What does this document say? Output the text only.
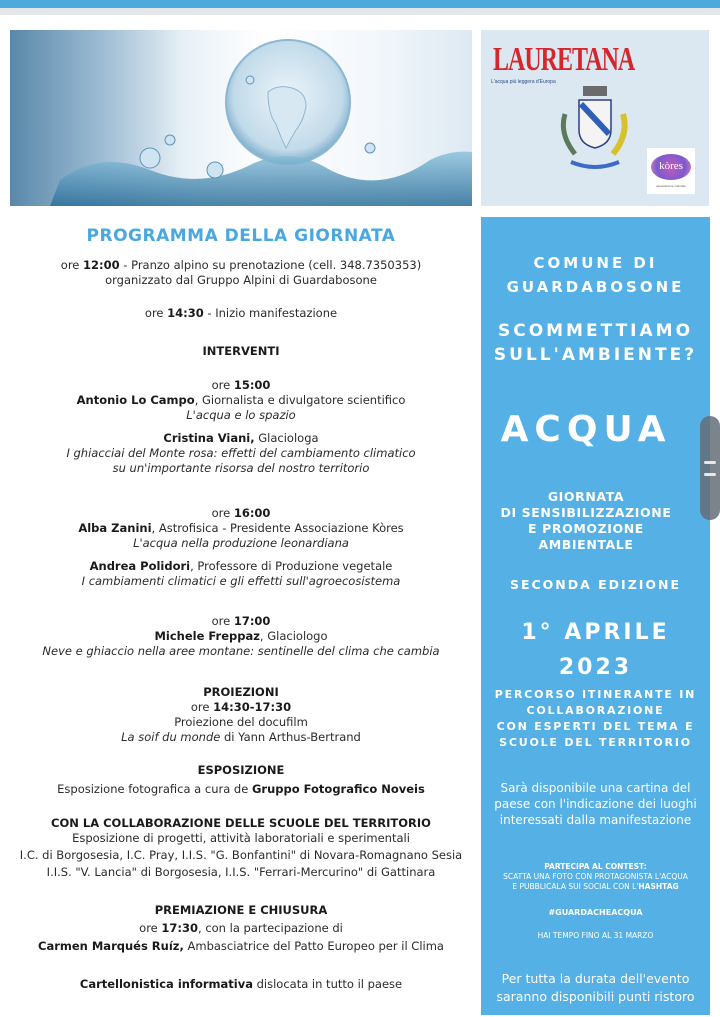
LAURETANA
L'acqua più leggera d'Europa
kòres
associazione culturale
PROGRAMMA DELLA GIORNATA
ore 12:00 - Pranzo alpino su prenotazione (cell. 348.7350353)
organizzato dal Gruppo Alpini di Guardabosone
ore 14:30 - Inizio manifestazione
INTERVENTI
ore 15:00
Antonio Lo Campo, Giornalista e divulgatore scientifico
L'acqua e lo spazio
Cristina Viani, Glaciologa
I ghiacciai del Monte rosa: effetti del cambiamento climatico
su un'importante risorsa del nostro territorio
ore 16:00
Alba Zanini, Astrofisica - Presidente Associazione Kòres
L'acqua nella produzione leonardiana
Andrea Polidori, Professore di Produzione vegetale
I cambiamenti climatici e gli effetti sull'agroecosistema
ore 17:00
Michele Freppaz, Glaciologo
Neve e ghiaccio nella aree montane: sentinelle del clima che cambia
PROIEZIONI
ore 14:30-17:30
Proiezione del docufilm
La soif du monde di Yann Arthus-Bertrand
ESPOSIZIONE
Esposizione fotografica a cura de Gruppo Fotografico Noveis
CON LA COLLABORAZIONE DELLE SCUOLE DEL TERRITORIO
Esposizione di progetti, attività laboratoriali e sperimentali
I.C. di Borgosesia, I.C. Pray, I.I.S. "G. Bonfantini" di Novara-Romagnano Sesia
I.I.S. "V. Lancia" di Borgosesia, I.I.S. "Ferrari-Mercurino" di Gattinara
PREMIAZIONE E CHIUSURA
ore 17:30, con la partecipazione di
Carmen Marqués Ruíz, Ambasciatrice del Patto Europeo per il Clima
Cartellonistica informativa dislocata in tutto il paese
COMUNE DI
GUARDABOSONE
SCOMMETTIAMO
SULL'AMBIENTE?
ACQUA
GIORNATA
DI SENSIBILIZZAZIONE
E PROMOZIONE
AMBIENTALE
SECONDA EDIZIONE
1° APRILE
2023
PERCORSO ITINERANTE IN
COLLABORAZIONE
CON ESPERTI DEL TEMA E
SCUOLE DEL TERRITORIO
Sarà disponibile una cartina del
paese con l'indicazione dei luoghi
interessati dalla manifestazione
PARTECIPA AL CONTEST:
SCATTA UNA FOTO CON PROTAGONISTA L'ACQUA
E PUBBLICALA SUI SOCIAL CON L'HASHTAG
#GUARDACHEACQUA
HAI TEMPO FINO AL 31 MARZO
Per tutta la durata dell'evento
saranno disponibili punti ristoro
